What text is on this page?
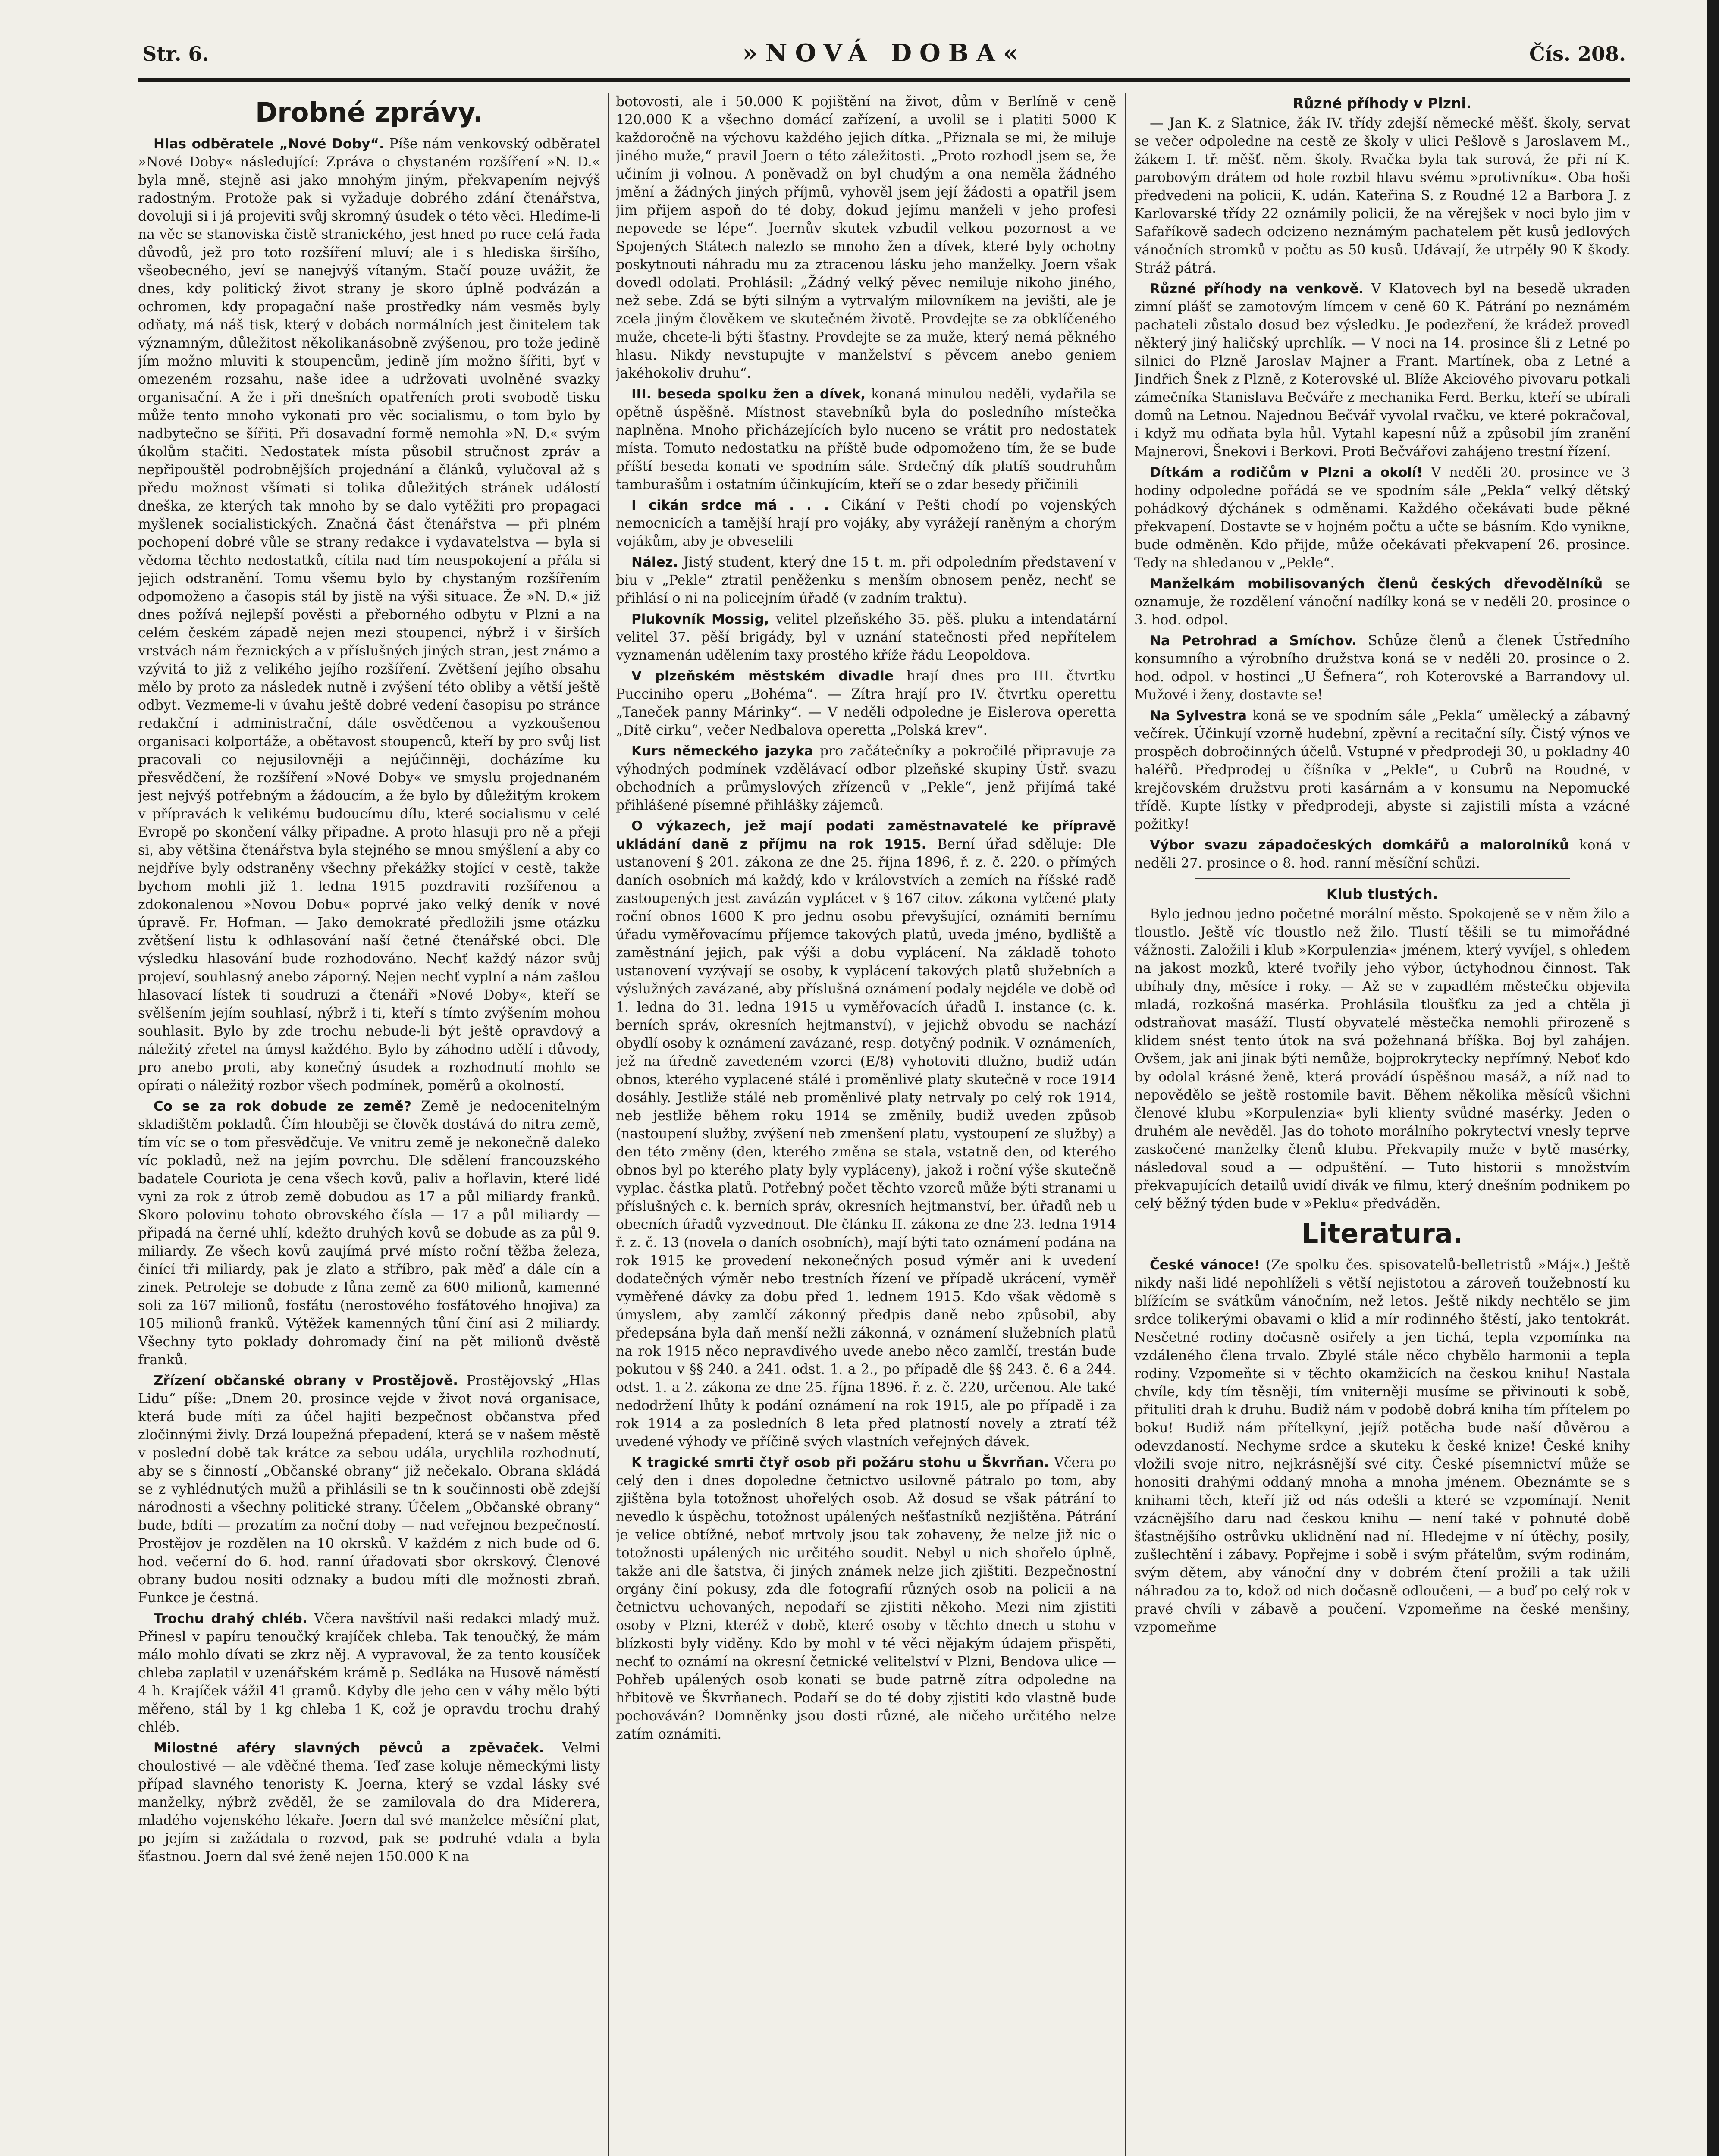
Str. 6.	»NOVÁ DOBA«	Čís. 208.
Drobné zprávy.

Hlas odběratele „Nové Doby“. Píše nám venkovský odběratel »Nové Doby« následující: Zpráva o chystaném rozšíření »N. D.« byla mně, stejně asi jako mnohým jiným, překvapením nejvýš radostným. Protože pak si vyžaduje dobrého zdání čtenářstva, dovoluji si i já projeviti svůj skromný úsudek o této věci. Hledíme-li na věc se stanoviska čistě stranického, jest hned po ruce celá řada důvodů, jež pro toto rozšíření mluví; ale i s hlediska širšího, všeobecného, jeví se nanejvýš vítaným. Stačí pouze uvážit, že dnes, kdy politický život strany je skoro úplně podvázán a ochromen, kdy propagační naše prostředky nám vesměs byly odňaty, má náš tisk, který v dobách normálních jest činitelem tak významným, důležitost několikanásobně zvýšenou, pro tože jedině jím možno mluviti k stoupencům, jedině jím možno šířiti, byť v omezeném rozsahu, naše idee a udržovati uvolněné svazky organisační. A že i při dnešních opatřeních proti svobodě tisku může tento mnoho vykonati pro věc socialismu, o tom bylo by nadbytečno se šířiti. Při dosavadní formě nemohla »N. D.« svým úkolům stačiti. Nedostatek místa působil stručnost zpráv a nepřipouštěl podrobnějších projednání a článků, vylučoval až s předu možnost všímati si tolika důležitých stránek událostí dneška, ze kterých tak mnoho by se dalo vytěžiti pro propagaci myšlenek socialistických. Značná část čtenářstva — při plném pochopení dobré vůle se strany redakce i vydavatelstva — byla si vědoma těchto nedostatků, cítila nad tím neuspokojení a přála si jejich odstranění. Tomu všemu bylo by chystaným rozšířením odpomoženo a časopis stál by jistě na výši situace. Že »N. D.« již dnes požívá nejlepší pověsti a přeborného odbytu v Plzni a na celém českém západě nejen mezi stoupenci, nýbrž i v širších vrstvách nám řeznických a v příslušných jiných stran, jest známo a vzývitá to již z velikého jejího rozšíření. Zvětšení jejího obsahu mělo by proto za následek nutně i zvýšení této obliby a větší ještě odbyt. Vezmeme-li v úvahu ještě dobré vedení časopisu po stránce redakční i administrační, dále osvědčenou a vyzkoušenou organisaci kolportáže, a obětavost stoupenců, kteří by pro svůj list pracovali co nejusilovněji a nejúčinněji, docházíme ku přesvědčení, že rozšíření »Nové Doby« ve smyslu projednaném jest nejvýš potřebným a žádoucím, a že bylo by důležitým krokem v přípravách k velikému budoucímu dílu, které socialismu v celé Evropě po skončení války připadne. A proto hlasuji pro ně a přeji si, aby většina čtenářstva byla stejného se mnou smýšlení a aby co nejdříve byly odstraněny všechny překážky stojící v cestě, takže bychom mohli již 1. ledna 1915 pozdraviti rozšířenou a zdokonalenou »Novou Dobu« poprvé jako velký deník v nové úpravě. Fr. Hofman. — Jako demokraté předložili jsme otázku zvětšení listu k odhlasování naší četné čtenářské obci. Dle výsledku hlasování bude rozhodováno. Nechť každý názor svůj projeví, souhlasný anebo záporný. Nejen nechť vyplní a nám zašlou hlasovací lístek ti soudruzi a čtenáři »Nové Doby«, kteří se svělšením jejím souhlasí, nýbrž i ti, kteří s tímto zvýšením mohou souhlasit. Bylo by zde trochu nebude-li být ještě opravdový a náležitý zřetel na úmysl každého. Bylo by záhodno udělí i důvody, pro anebo proti, aby konečný úsudek a rozhodnutí mohlo se opírati o náležitý rozbor všech podmínek, poměrů a okolností.

Co se za rok dobude ze země? Země je nedocenitelným skladištěm pokladů. Čím hlouběji se člověk dostává do nitra země, tím víc se o tom přesvědčuje. Ve vnitru země je nekonečně daleko víc pokladů, než na jejím povrchu. Dle sdělení francouzského badatele Couriota je cena všech kovů, paliv a hořlavin, které lidé vyni za rok z útrob země dobudou as 17 a půl miliardy franků. Skoro polovinu tohoto obrovského čísla — 17 a půl miliardy — připadá na černé uhlí, kdežto druhých kovů se dobude as za půl 9. miliardy. Ze všech kovů zaujímá prvé místo roční těžba železa, činící tři miliardy, pak je zlato a stříbro, pak měď a dále cín a zinek. Petroleje se dobude z lůna země za 600 milionů, kamenné soli za 167 milionů, fosfátu (nerostového fosfátového hnojiva) za 105 milionů franků. Výtěžek kamenných tůní činí asi 2 miliardy. Všechny tyto poklady dohromady činí na pět milionů dvěstě franků.

Zřízení občanské obrany v Prostějově. Prostějovský „Hlas Lidu“ píše: „Dnem 20. prosince vejde v život nová organisace, která bude míti za účel hajiti bezpečnost občanstva před zločinnými živly. Drzá loupežná přepadení, která se v našem městě v poslední době tak krátce za sebou udála, urychlila rozhodnutí, aby se s činností „Občanské obrany“ již nečekalo. Obrana skládá se z vyhlédnutých mužů a přihlásili se tn k součinnosti obě zdejší národnosti a všechny politické strany. Účelem „Občanské obrany“ bude, bdíti — prozatím za noční doby — nad veřejnou bezpečností. Prostějov je rozdělen na 10 okrsků. V každém z nich bude od 6. hod. večerní do 6. hod. ranní úřadovati sbor okrskový. Členové obrany budou nositi odznaky a budou míti dle možnosti zbraň. Funkce je čestná.

Trochu drahý chléb. Včera navštívil naši redakci mladý muž. Přinesl v papíru tenoučký krajíček chleba. Tak tenoučký, že mám málo mohlo dívati se zkrz něj. A vypravoval, že za tento kousíček chleba zaplatil v uzenářském krámě p. Sedláka na Husově náměstí 4 h. Krajíček vážil 41 gramů. Kdyby dle jeho cen v váhy mělo býti měřeno, stál by 1 kg chleba 1 K, což je opravdu trochu drahý chléb.

Milostné aféry slavných pěvců a zpěvaček. Velmi choulostivé — ale vděčné thema. Teď zase koluje německými listy případ slavného tenoristy K. Joerna, který se vzdal lásky své manželky, nýbrž zvěděl, že se zamilovala do dra Miderera, mladého vojenského lékaře. Joern dal své manželce měsíční plat, po jejím si zažádala o rozvod, pak se podruhé vdala a byla šťastnou. Joern dal své ženě nejen 150.000 K na

botovosti, ale i 50.000 K pojištění na život, dům v Berlíně v ceně 120.000 K a všechno domácí zařízení, a uvolil se i platiti 5000 K každoročně na výchovu každého jejich dítka. „Přiznala se mi, že miluje jiného muže,“ pravil Joern o této záležitosti. „Proto rozhodl jsem se, že učiním ji volnou. A poněvadž on byl chudým a ona neměla žádného jmění a žádných jiných příjmů, vyhověl jsem její žádosti a opatřil jsem jim přijem aspoň do té doby, dokud jejímu manželi v jeho profesi nepovede se lépe“. Joernův skutek vzbudil velkou pozornost a ve Spojených Státech nalezlo se mnoho žen a dívek, které byly ochotny poskytnouti náhradu mu za ztracenou lásku jeho manželky. Joern však dovedl odolati. Prohlásil: „Žádný velký pěvec nemiluje nikoho jiného, než sebe. Zdá se býti silným a vytrvalým milovníkem na jevišti, ale je zcela jiným člověkem ve skutečném životě. Provdejte se za obklíčeného muže, chcete-li býti šťastny. Provdejte se za muže, který nemá pěkného hlasu. Nikdy nevstupujte v manželství s pěvcem anebo geniem jakéhokoliv druhu“.

III. beseda spolku žen a dívek, konaná minulou neděli, vydařila se opětně úspěšně. Místnost stavebníků byla do posledního místečka naplněna. Mnoho přicházejících bylo nuceno se vrátit pro nedostatek místa. Tomuto nedostatku na příště bude odpomoženo tím, že se bude příští beseda konati ve spodním sále. Srdečný dík platíš soudruhům tamburašům i ostatním účinkujícím, kteří se o zdar besedy přičinili

I cikán srdce má . . . Cikání v Pešti chodí po vojenských nemocnicích a tamější hrají pro vojáky, aby vyrážejí raněným a chorým vojákům, aby je obveselili

Nález. Jistý student, který dne 15 t. m. při odpoledním představení v biu v „Pekle“ ztratil peněženku s menším obnosem peněz, nechť se přihlásí o ni na policejním úřadě (v zadním traktu).

Plukovník Mossig, velitel plzeňského 35. pěš. pluku a intendatární velitel 37. pěší brigády, byl v uznání statečnosti před nepřítelem vyznamenán udělením taxy prostého kříže řádu Leopoldova.

V plzeňském městském divadle hrají dnes pro III. čtvrtku Pucciniho operu „Bohéma“. — Zítra hrají pro IV. čtvrtku operettu „Taneček panny Márinky“. — V neděli odpoledne je Eislerova operetta „Dítě cirku“, večer Nedbalova operetta „Polská krev“.

Kurs německého jazyka pro začátečníky a pokročilé připravuje za výhodných podmínek vzdělávací odbor plzeňské skupiny Ústř. svazu obchodních a průmyslových zřízenců v „Pekle“, jenž přijímá také přihlášené písemné přihlášky zájemců.

O výkazech, jež mají podati zaměstnavatelé ke přípravě ukládání daně z příjmu na rok 1915. Berní úřad sděluje: Dle ustanovení § 201. zákona ze dne 25. října 1896, ř. z. č. 220. o přímých daních osobních má každý, kdo v královstvích a zemích na říšské radě zastoupených jest zavázán vyplácet v § 167 citov. zákona vytčené platy roční obnos 1600 K pro jednu osobu převyšující, oznámiti bernímu úřadu vyměřovacímu příjemce takových platů, uveda jméno, bydliště a zaměstnání jejich, pak výši a dobu vyplácení. Na základě tohoto ustanovení vyzývají se osoby, k vyplácení takových platů služebních a výslužných zavázané, aby příslušná oznámení podaly nejdéle ve době od 1. ledna do 31. ledna 1915 u vyměřovacích úřadů I. instance (c. k. berních správ, okresních hejtmanství), v jejichž obvodu se nachází obydlí osoby k oznámení zavázané, resp. dotyčný podnik. V oznámeních, jež na úředně zavedeném vzorci (E/8) vyhotoviti dlužno, budiž udán obnos, kterého vyplacené stálé i proměnlivé platy skutečně v roce 1914 dosáhly. Jestliže stálé neb proměnlivé platy netrvaly po celý rok 1914, neb jestliže během roku 1914 se změnily, budiž uveden způsob (nastoupení služby, zvýšení neb zmenšení platu, vystoupení ze služby) a den této změny (den, kterého změna se stala, vstatně den, od kterého obnos byl po kterého platy byly vypláceny), jakož i roční výše skutečně vyplac. částka platů. Potřebný počet těchto vzorců může býti stranami u příslušných c. k. berních správ, okresních hejtmanství, ber. úřadů neb u obecních úřadů vyzvednout. Dle článku II. zákona ze dne 23. ledna 1914 ř. z. č. 13 (novela o daních osobních), mají býti tato oznámení podána na rok 1915 ke provedení nekonečných posud výměr ani k uvedení dodatečných výměr nebo trestních řízení ve případě ukrácení, vyměř vyměřené dávky za dobu před 1. lednem 1915. Kdo však vědomě s úmyslem, aby zamlčí zákonný předpis daně nebo způsobil, aby předepsána byla daň menší nežli zákonná, v oznámení služebních platů na rok 1915 něco nepravdivého uvede anebo něco zamlčí, trestán bude pokutou v §§ 240. a 241. odst. 1. a 2., po případě dle §§ 243. č. 6 a 244. odst. 1. a 2. zákona ze dne 25. října 1896. ř. z. č. 220, určenou. Ale také nedodržení lhůty k podání oznámení na rok 1915, ale po případě i za rok 1914 a za posledních 8 leta před platností novely a ztratí též uvedené výhody ve příčině svých vlastních veřejných dávek.

K tragické smrti čtyř osob při požáru stohu u Škvrňan. Včera po celý den i dnes dopoledne četnictvo usilovně pátralo po tom, aby zjištěna byla totožnost uhořelých osob. Až dosud se však pátrání to nevedlo k úspěchu, totožnost upálených nešťastníků nezjištěna. Pátrání je velice obtížné, neboť mrtvoly jsou tak zohaveny, že nelze již nic o totožnosti upálených nic určitého soudit. Nebyl u nich shořelo úplně, takže ani dle šatstva, či jiných známek nelze jich zjištiti. Bezpečnostní orgány činí pokusy, zda dle fotografií různých osob na policii a na četnictvu uchovaných, nepodaří se zjistiti někoho. Mezi nim zjistiti osoby v Plzni, kteréž v době, které osoby v těchto dnech u stohu v blízkosti byly viděny. Kdo by mohl v té věci nějakým údajem přispěti, nechť to oznámí na okresní četnické velitelství v Plzni, Bendova ulice — Pohřeb upálených osob konati se bude patrně zítra odpoledne na hřbitově ve Škvrňanech. Podaří se do té doby zjistiti kdo vlastně bude pochováván? Domněnky jsou dosti různé, ale ničeho určitého nelze zatím oznámiti.

Různé příhody v Plzni.

— Jan K. z Slatnice, žák IV. třídy zdejší německé měšť. školy, servat se večer odpoledne na cestě ze školy v ulici Pešlově s Jaroslavem M., žákem I. tř. měšť. něm. školy. Rvačka byla tak surová, že při ní K. parobovým drátem od hole rozbil hlavu svému »protivníku«. Oba hoši předvedeni na policii, K. udán. Kateřina S. z Roudné 12 a Barbora J. z Karlovarské třídy 22 oznámily policii, že na věrejšek v noci bylo jim v Safaříkově sadech odcizeno neznámým pachatelem pět kusů jedlových vánočních stromků v počtu as 50 kusů. Udávají, že utrpěly 90 K škody. Stráž pátrá.

Různé příhody na venkově. V Klatovech byl na besedě ukraden zimní plášť se zamotovým límcem v ceně 60 K. Pátrání po neznámém pachateli zůstalo dosud bez výsledku. Je podezření, že krádež provedl některý jiný haličský uprchlík. — V noci na 14. prosince šli z Letné po silnici do Plzně Jaroslav Majner a Frant. Martínek, oba z Letné a Jindřich Šnek z Plzně, z Koterovské ul. Blíže Akciového pivovaru potkali zámečníka Stanislava Bečváře z mechanika Ferd. Berku, kteří se ubírali domů na Letnou. Najednou Bečvář vyvolal rvačku, ve které pokračoval, i když mu odňata byla hůl. Vytahl kapesní nůž a způsobil jím zranění Majnerovi, Šnekovi i Berkovi. Proti Bečvářovi zahájeno trestní řízení.

Dítkám a rodičům v Plzni a okolí! V neděli 20. prosince ve 3 hodiny odpoledne pořádá se ve spodním sále „Pekla“ velký dětský pohádkový dýchánek s odměnami. Každého očekávati bude pěkné překvapení. Dostavte se v hojném počtu a učte se básním. Kdo vynikne, bude odměněn. Kdo přijde, může očekávati překvapení 26. prosince. Tedy na shledanou v „Pekle“.

Manželkám mobilisovaných členů českých dřevodělníků se oznamuje, že rozdělení vánoční nadílky koná se v neděli 20. prosince o 3. hod. odpol.

Na Petrohrad a Smíchov. Schůze členů a členek Ústředního konsumního a výrobního družstva koná se v neděli 20. prosince o 2. hod. odpol. v hostinci „U Šefnera“, roh Koterovské a Barrandovy ul. Mužové i ženy, dostavte se!

Na Sylvestra koná se ve spodním sále „Pekla“ umělecký a zábavný večírek. Účinkují vzorně hudební, zpěvní a recitační síly. Čistý výnos ve prospěch dobročinných účelů. Vstupné v předprodeji 30, u pokladny 40 haléřů. Předprodej u číšníka v „Pekle“, u Cubrů na Roudné, v krejčovském družstvu proti kasárnám a v konsumu na Nepomucké třídě. Kupte lístky v předprodeji, abyste si zajistili místa a vzácné požitky!

Výbor svazu západočeských domkářů a malorolníků koná v neděli 27. prosince o 8. hod. ranní měsíční schůzi.

Klub tlustých.

Bylo jednou jedno početné morální město. Spokojeně se v něm žilo a tloustlo. Ještě víc tloustlo než žilo. Tlustí těšili se tu mimořádné vážnosti. Založili i klub »Korpulenzia« jménem, který vyvíjel, s ohledem na jakost mozků, které tvořily jeho výbor, úctyhodnou činnost. Tak ubíhaly dny, měsíce i roky. — Až se v zapadlém městečku objevila mladá, rozkošná masérka. Prohlásila tloušťku za jed a chtěla ji odstraňovat masáží. Tlustí obyvatelé městečka nemohli přirozeně s klidem snést tento útok na svá požehnaná bříška. Boj byl zahájen. Ovšem, jak ani jinak býti nemůže, bojprokrytecky nepřímný. Neboť kdo by odolal krásné ženě, která provádí úspěšnou masáž, a níž nad to nepovědělo se ještě rostomile bavit. Během několika měsíců všichni členové klubu »Korpulenzia« byli klienty svůdné masérky. Jeden o druhém ale nevěděl. Jas do tohoto morálního pokrytectví vnesly teprve zaskočené manželky členů klubu. Překvapily muže v bytě masérky, následoval soud a — odpuštění. — Tuto historii s množstvím překvapujících detailů uvidí divák ve filmu, který dnešním podnikem po celý běžný týden bude v »Peklu« předváděn.

Literatura.

České vánoce! (Ze spolku čes. spisovatelů-belletristů »Máj«.) Ještě nikdy naši lidé nepohlíželi s větší nejistotou a zároveň toužebností ku blížícím se svátkům vánočním, než letos. Ještě nikdy nechtělo se jim srdce tolikerými obavami o klid a mír rodinného štěstí, jako tentokrát. Nesčetné rodiny dočasně osiřely a jen tichá, tepla vzpomínka na vzdáleného člena trvalo. Zbylé stále něco chybělo harmonii a tepla rodiny. Vzpomeňte si v těchto okamžicích na českou knihu! Nastala chvíle, kdy tím těsněji, tím vniterněji musíme se přivinouti k sobě, přituliti drah k druhu. Budiž nám v podobě dobrá kniha tím přítelem po boku! Budiž nám přítelkyní, jejíž potěcha bude naší důvěrou a odevzdaností. Nechyme srdce a skuteku k české knize! České knihy vložili svoje nitro, nejkrásnější své city. České písemnictví může se honositi drahými oddaný mnoha a mnoha jménem. Obeznámte se s knihami těch, kteří již od nás odešli a které se vzpomínají. Nenit vzácnějšího daru nad českou knihu — není také v pohnuté době šťastnějšího ostrůvku uklidnění nad ní. Hledejme v ní útěchy, posily, zušlechtění i zábavy. Popřejme i sobě i svým přátelům, svým rodinám, svým dětem, aby vánoční dny v dobrém čtení prožili a tak užili náhradou za to, kdož od nich dočasně odloučeni, — a buď po celý rok v pravé chvíli v zábavě a poučení. Vzpomeňme na české menšiny, vzpomeňme
